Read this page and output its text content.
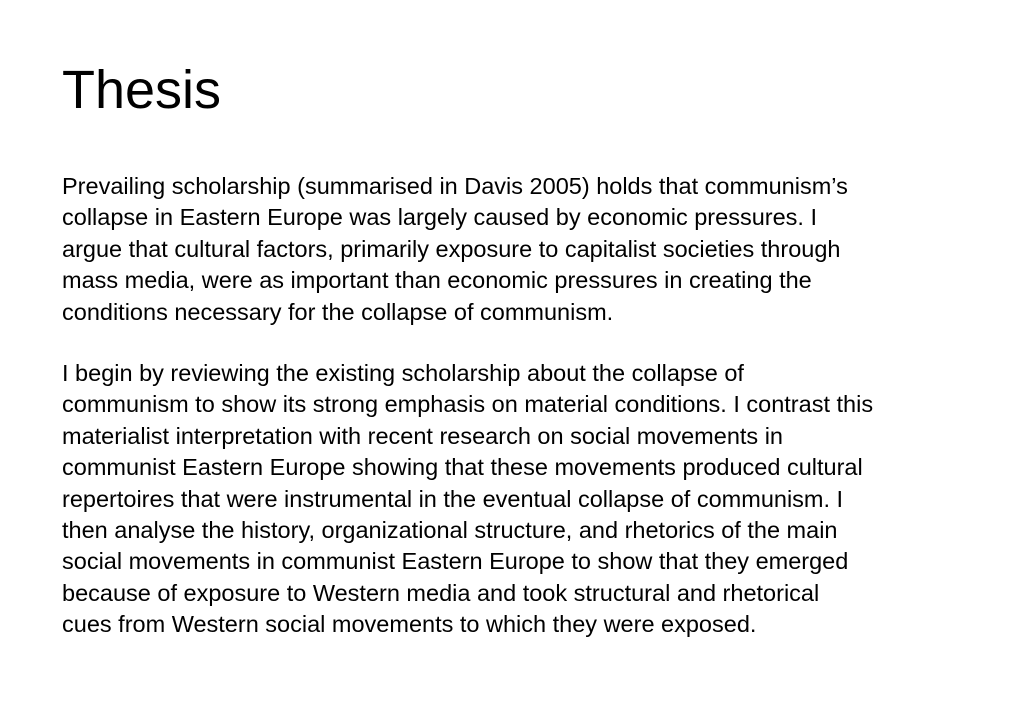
Thesis

Prevailing scholarship (summarised in Davis 2005) holds that communism’s
collapse in Eastern Europe was largely caused by economic pressures. I
argue that cultural factors, primarily exposure to capitalist societies through
mass media, were as important than economic pressures in creating the
conditions necessary for the collapse of communism.

I begin by reviewing the existing scholarship about the collapse of
communism to show its strong emphasis on material conditions. I contrast this
materialist interpretation with recent research on social movements in
communist Eastern Europe showing that these movements produced cultural
repertoires that were instrumental in the eventual collapse of communism. I
then analyse the history, organizational structure, and rhetorics of the main
social movements in communist Eastern Europe to show that they emerged
because of exposure to Western media and took structural and rhetorical
cues from Western social movements to which they were exposed.
